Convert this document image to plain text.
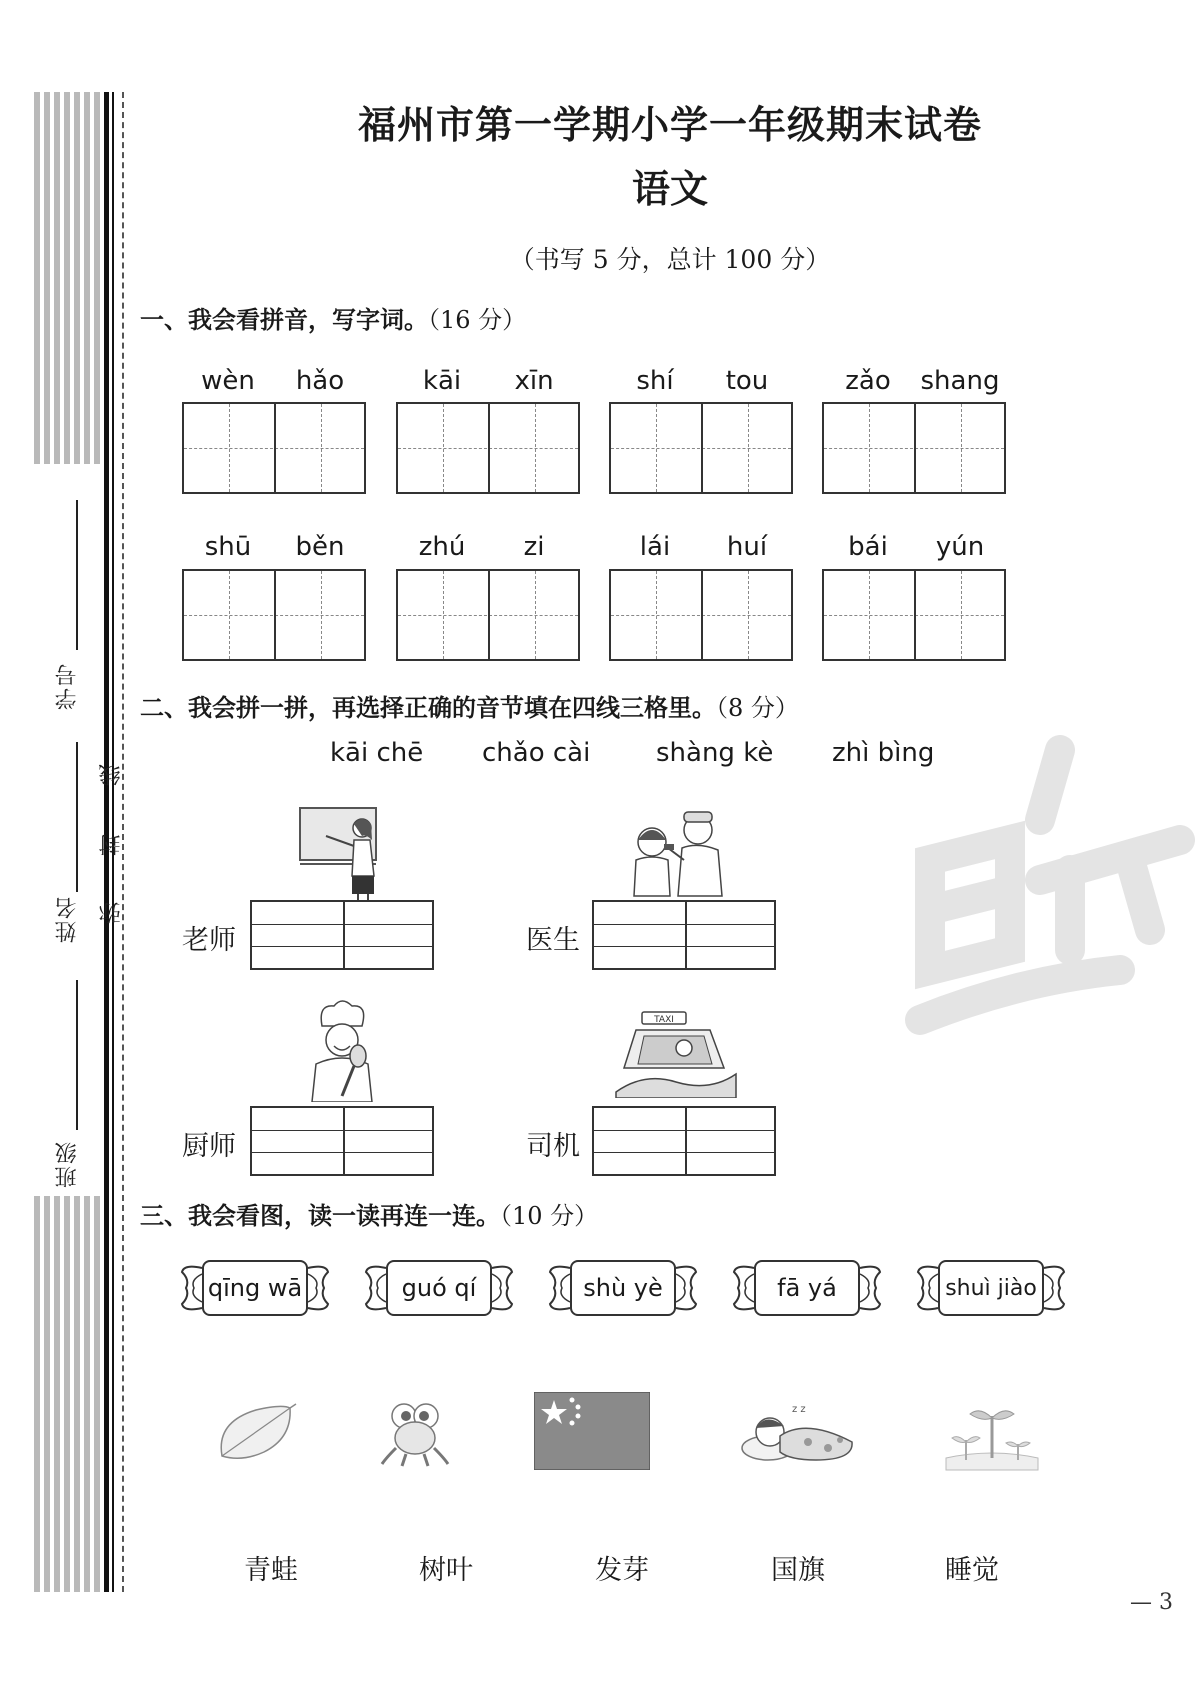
学号
姓名
班级
线
封
弥
阳光
福州市第一学期小学一年级期末试卷
语文
（书写 5 分，总计 100 分）
一、我会看拼音，写字词。（16 分）
wèn	hǎo	kāi	xīn	shí	tou	zǎo	shang
shū	běn	zhú	zi	lái	huí	bái	yún
二、我会拼一拼，再选择正确的音节填在四线三格里。（8 分）
kāi chē chǎo cài	shàng kè zhì bìng
老师	医生
厨师
TAXI
司机
三、我会看图，读一读再连一连。（10 分）
qīng wā	guó qí	shù yè	fā yá	shuì jiào
z z
青蛙	树叶	发芽	国旗	睡觉
— 3
